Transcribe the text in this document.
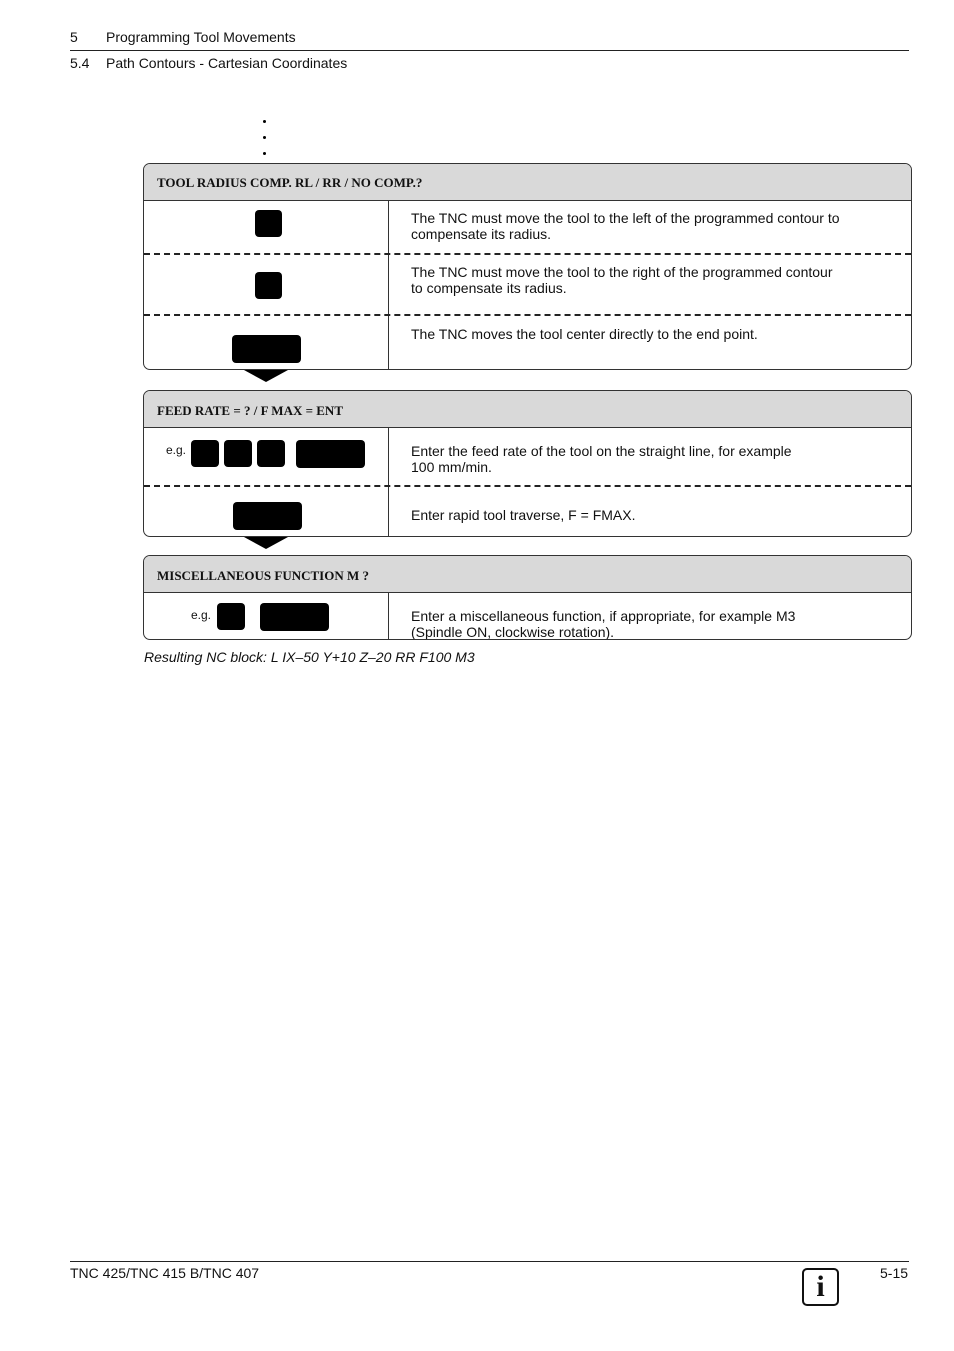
5 Programming Tool Movements
5.4 Path Contours - Cartesian Coordinates
TOOL RADIUS COMP. RL / RR / NO COMP.?
The TNC must move the tool to the left of the programmed contour to
compensate its radius.
The TNC must move the tool to the right of the programmed contour
to compensate its radius.
The TNC moves the tool center directly to the end point.
FEED RATE = ? / F MAX = ENT
e.g.	Enter the feed rate of the tool on the straight line, for example
100 mm/min.
Enter rapid tool traverse, F = FMAX.
MISCELLANEOUS FUNCTION M ?
e.g.	Enter a miscellaneous function, if appropriate, for example M3
(Spindle ON, clockwise rotation).
Resulting NC block: L IX–50 Y+10 Z–20 RR F100 M3
TNC 425/TNC 415 B/TNC 407	5-15
i
